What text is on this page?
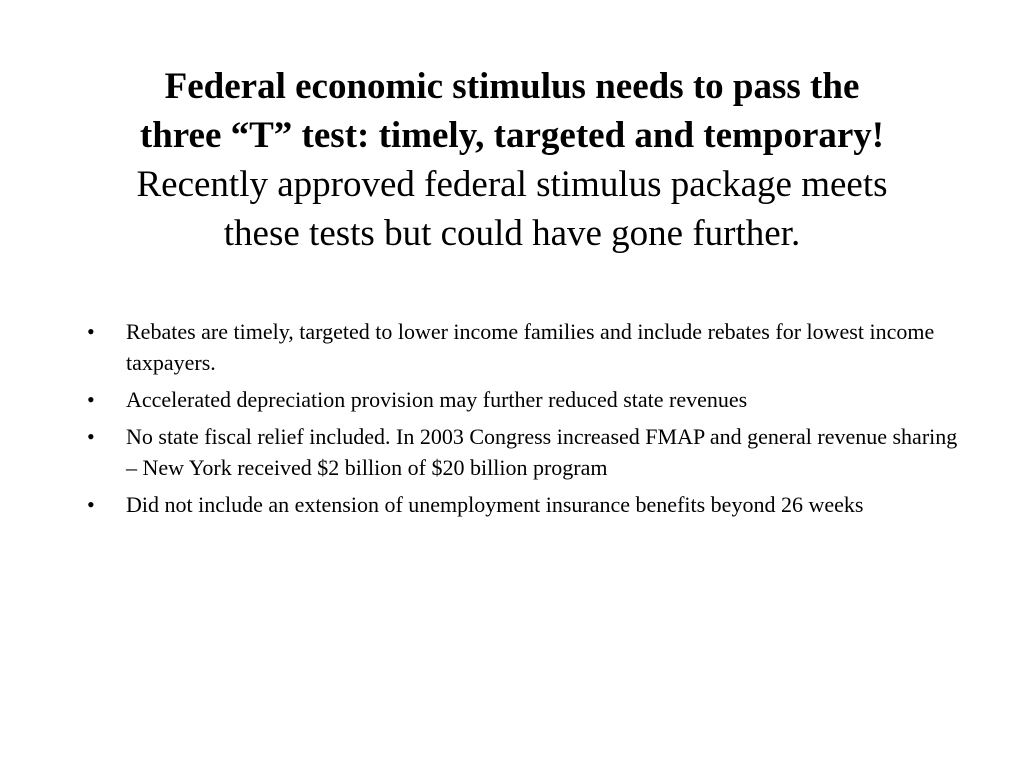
Federal economic stimulus needs to pass the

three “T” test: timely, targeted and temporary!

Recently approved federal stimulus package meets

these tests but could have gone further.

• Rebates are timely, targeted to lower income families and include rebates for lowest income taxpayers.
• Accelerated depreciation provision may further reduced state revenues
• No state fiscal relief included. In 2003 Congress increased FMAP and general revenue sharing – New York received $2 billion of $20 billion program
• Did not include an extension of unemployment insurance benefits beyond 26 weeks
